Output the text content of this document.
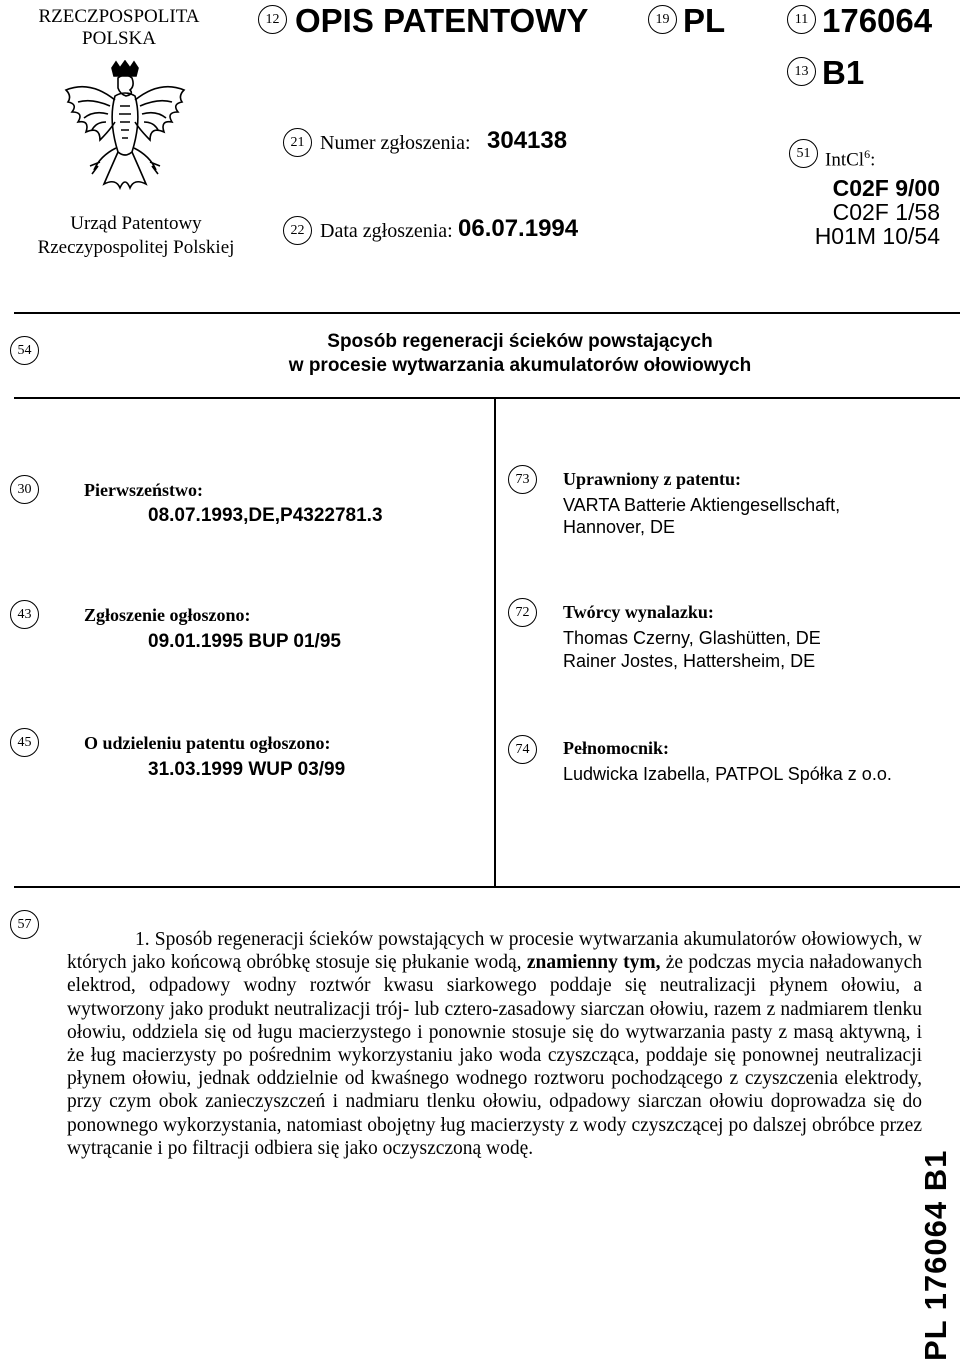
RZECZPOSPOLITA
POLSKA
Urząd Patentowy
Rzeczypospolitej Polskiej
12 OPIS PATENTOWY	19 PL	11 176064
13 B1
21 Numer zgłoszenia: 304138
22 Data zgłoszenia: 06.07.1994
51 IntCl$^6$:
C02F 9/00
C02F 1/58
H01M 10/54
54	Sposób regeneracji ścieków powstających
w procesie wytwarzania akumulatorów ołowiowych
30	Pierwszeństwo:
08.07.1993,DE,P4322781.3
43	Zgłoszenie ogłoszono:
09.01.1995 BUP 01/95
45	O udzieleniu patentu ogłoszono:
31.03.1999 WUP 03/99
73	Uprawniony z patentu:
VARTA Batterie Aktiengesellschaft,
Hannover, DE
72	Twórcy wynalazku:
Thomas Czerny, Glashütten, DE
Rainer Jostes, Hattersheim, DE
74	Pełnomocnik:
Ludwicka Izabella, PATPOL Spółka z o.o.
57
1. Sposób regeneracji ścieków powstających w procesie wytwarzania akumulatorów ołowiowych, w których jako końcową obróbkę stosuje się płukanie wodą, znamienny tym, że podczas mycia naładowanych elektrod, odpadowy wodny roztwór kwasu siarkowego poddaje się neutralizacji płynem ołowiu, a wytworzony jako produkt neutralizacji trój- lub cztero-zasadowy siarczan ołowiu, razem z nadmiarem tlenku ołowiu, oddziela się od ługu macierzystego i ponownie stosuje się do wytwarzania pasty z masą aktywną, i że ług macierzysty po pośrednim wykorzystaniu jako woda czyszcząca, poddaje się ponownej neutralizacji płynem ołowiu, jednak oddzielnie od kwaśnego wodnego roztworu pochodzącego z czyszczenia elektrody, przy czym obok zanieczyszczeń i nadmiaru tlenku ołowiu, odpadowy siarczan ołowiu doprowadza się do ponownego wykorzystania, natomiast obojętny ług macierzysty z wody czyszczącej po dalszej obróbce przez wytrącanie i po filtracji odbiera się jako oczyszczoną wodę.
PL 176064 B1
